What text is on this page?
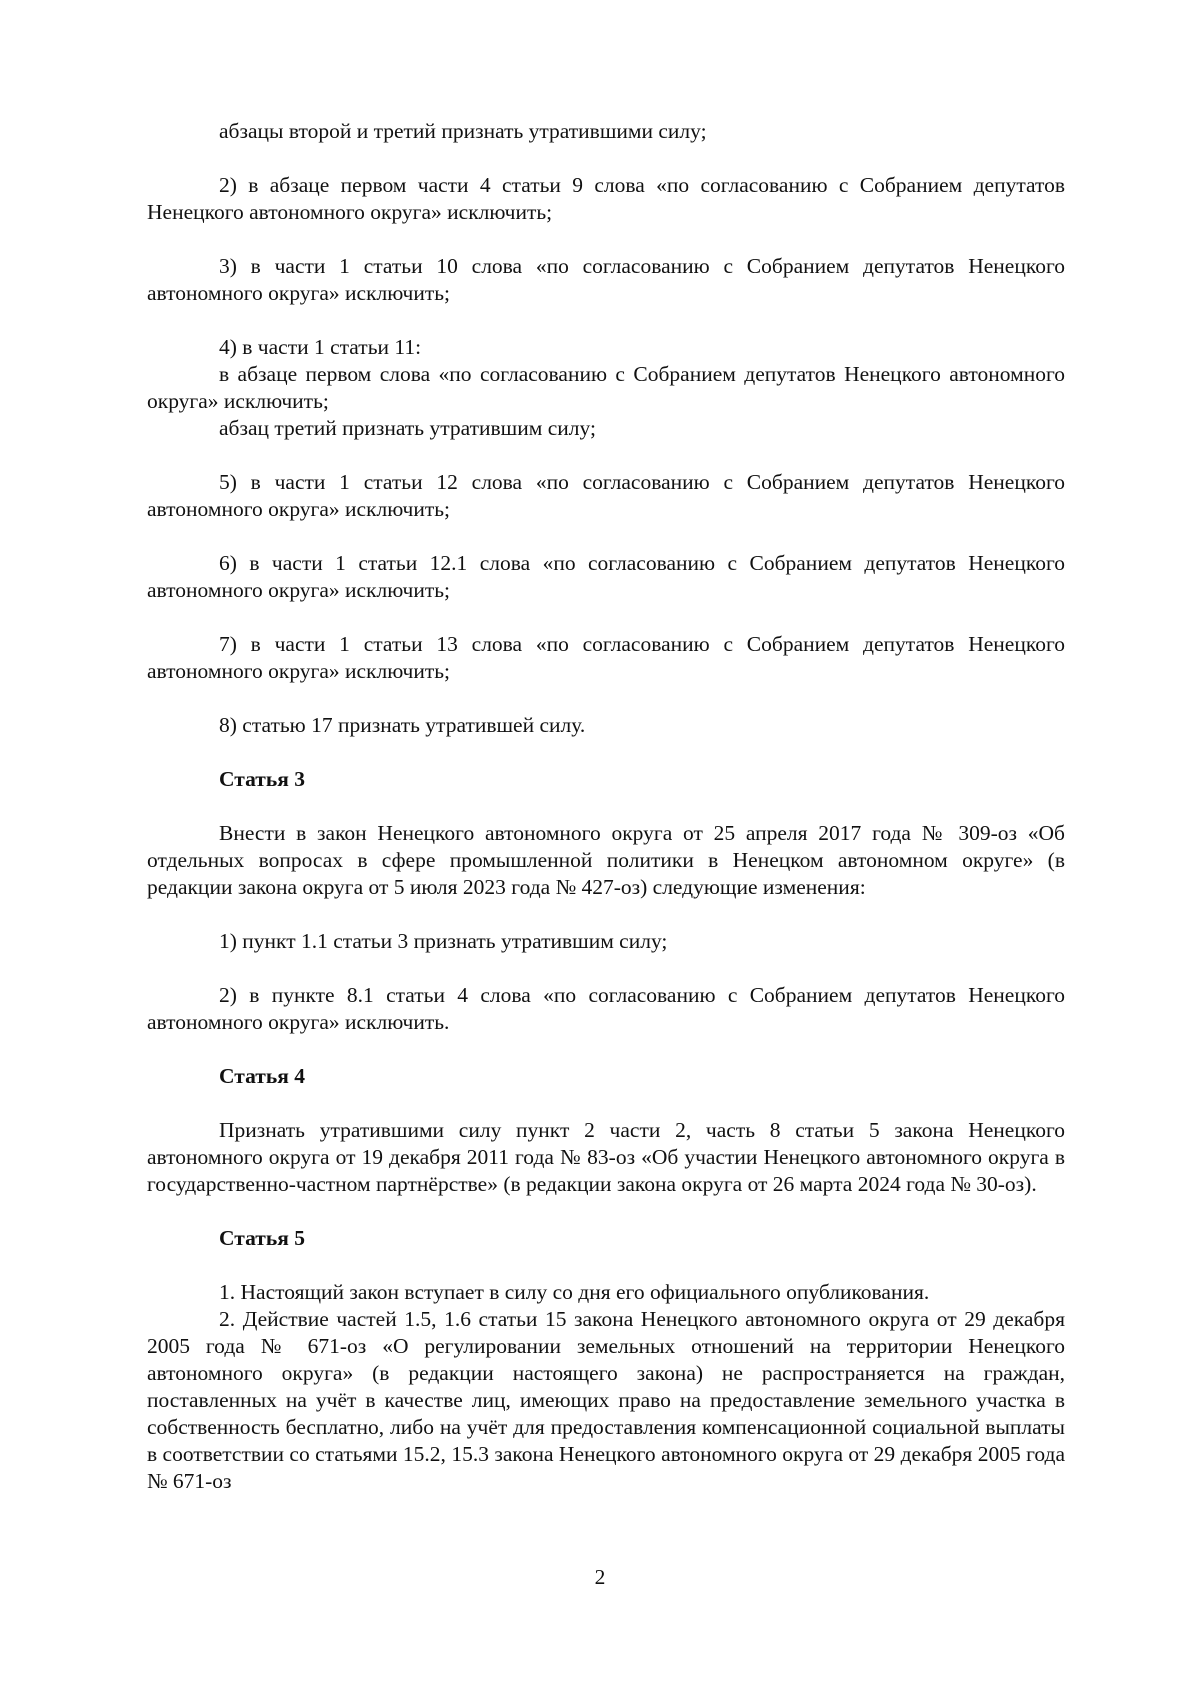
абзацы второй и третий признать утратившими силу;

2) в абзаце первом части 4 статьи 9 слова «по согласованию с Собранием депутатов Ненецкого автономного округа» исключить;

3) в части 1 статьи 10 слова «по согласованию с Собранием депутатов Ненецкого автономного округа» исключить;

4) в части 1 статьи 11:

в абзаце первом слова «по согласованию с Собранием депутатов Ненецкого автономного округа» исключить;

абзац третий признать утратившим силу;

5) в части 1 статьи 12 слова «по согласованию с Собранием депутатов Ненецкого автономного округа» исключить;

6) в части 1 статьи 12.1 слова «по согласованию с Собранием депутатов Ненецкого автономного округа» исключить;

7) в части 1 статьи 13 слова «по согласованию с Собранием депутатов Ненецкого автономного округа» исключить;

8) статью 17 признать утратившей силу.

Статья 3

Внести в закон Ненецкого автономного округа от 25 апреля 2017 года № 309-оз «Об отдельных вопросах в сфере промышленной политики в Ненецком автономном округе» (в редакции закона округа от 5 июля 2023 года № 427-оз) следующие изменения:

1) пункт 1.1 статьи 3 признать утратившим силу;

2) в пункте 8.1 статьи 4 слова «по согласованию с Собранием депутатов Ненецкого автономного округа» исключить.

Статья 4

Признать утратившими силу пункт 2 части 2, часть 8 статьи 5 закона Ненецкого автономного округа от 19 декабря 2011 года № 83-оз «Об участии Ненецкого автономного округа в государственно-частном партнёрстве» (в редакции закона округа от 26 марта 2024 года № 30-оз).

Статья 5

1. Настоящий закон вступает в силу со дня его официального опубликования.

2. Действие частей 1.5, 1.6 статьи 15 закона Ненецкого автономного округа от 29 декабря 2005 года № 671-оз «О регулировании земельных отношений на территории Ненецкого автономного округа» (в редакции настоящего закона) не распространяется на граждан, поставленных на учёт в качестве лиц, имеющих право на предоставление земельного участка в собственность бесплатно, либо на учёт для предоставления компенсационной социальной выплаты в соответствии со статьями 15.2, 15.3 закона Ненецкого автономного округа от 29 декабря 2005 года № 671-оз

2
